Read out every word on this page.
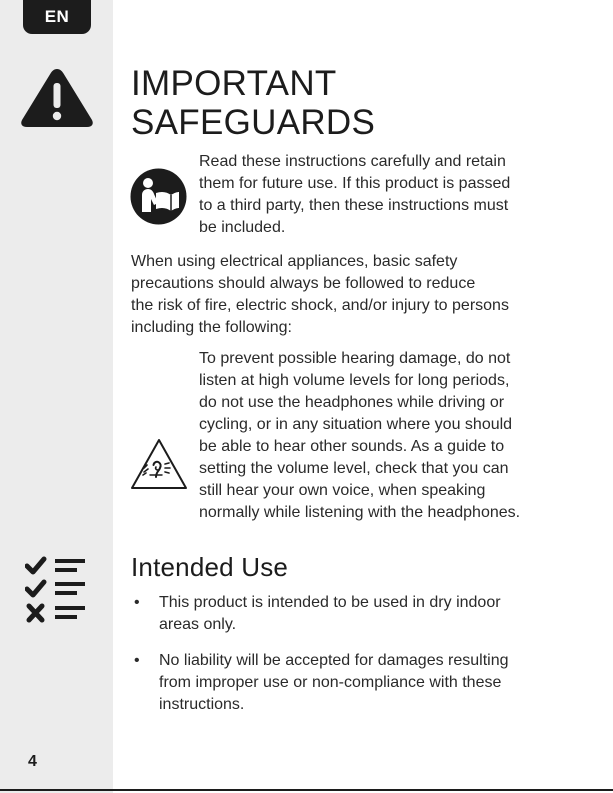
EN
4
IMPORTANT
SAFEGUARDS

Read these instructions carefully and retain
them for future use. If this product is passed
to a third party, then these instructions must
be included.

When using electrical appliances, basic safety
precautions should always be followed to reduce
the risk of fire, electric shock, and/or injury to persons
including the following:

To prevent possible hearing damage, do not
listen at high volume levels for long periods,
do not use the headphones while driving or
cycling, or in any situation where you should
be able to hear other sounds. As a guide to
setting the volume level, check that you can
still hear your own voice, when speaking
normally while listening with the headphones.

Intended Use
• This product is intended to be used in dry indoor
areas only.
• No liability will be accepted for damages resulting
from improper use or non-compliance with these
instructions.
